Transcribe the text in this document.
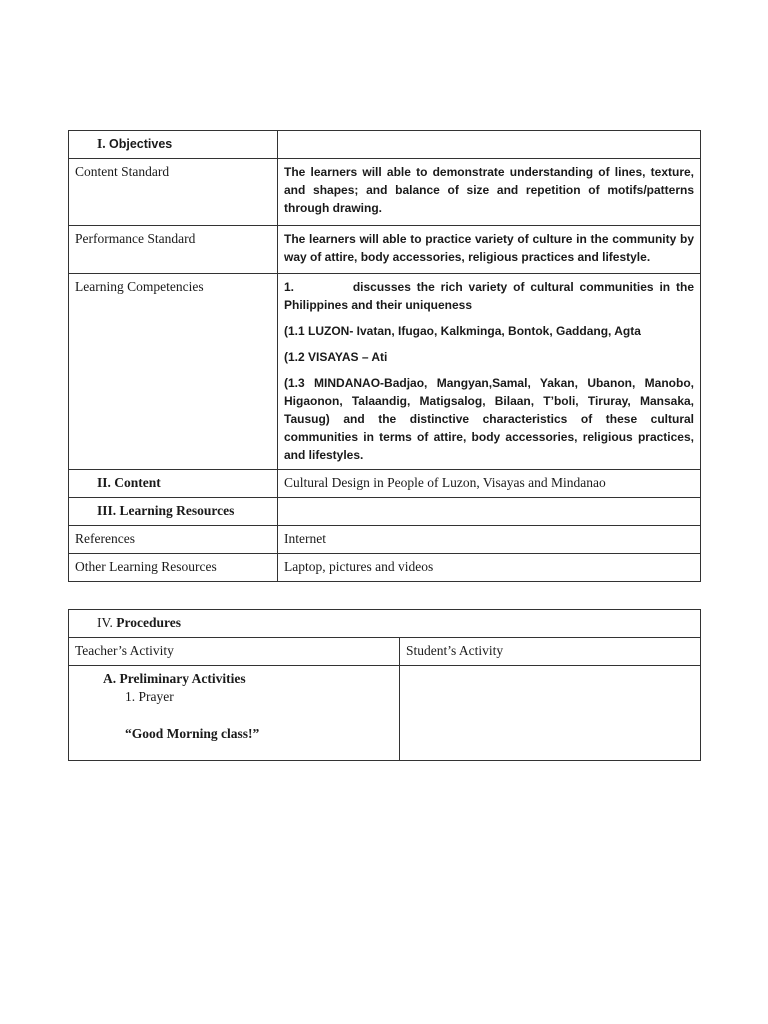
I. Objectives	
Content Standard	The learners will able to demonstrate understanding of lines, texture, and shapes; and balance of size and repetition of motifs/patterns through drawing.
Performance Standard	The learners will able to practice variety of culture in the community by way of attire, body accessories, religious practices and lifestyle.
Learning Competencies	1.          discusses the rich variety of cultural communities in the Philippines and their uniqueness

(1.1 LUZON- Ivatan, Ifugao, Kalkminga, Bontok, Gaddang, Agta

(1.2 VISAYAS – Ati

(1.3 MINDANAO-Badjao, Mangyan,Samal, Yakan, Ubanon, Manobo, Higaonon, Talaandig, Matigsalog, Bilaan, T’boli, Tiruray, Mansaka, Tausug) and the distinctive characteristics of these cultural communities in terms of attire, body accessories, religious practices, and lifestyles.

II. Content	Cultural Design in People of Luzon, Visayas and Mindanao
III. Learning Resources	
References	Internet
Other Learning Resources	Laptop, pictures and videos
IV. Procedures	
Teacher’s Activity	Student’s Activity

A. Preliminary Activities
1. Prayer
“Good Morning class!”	
